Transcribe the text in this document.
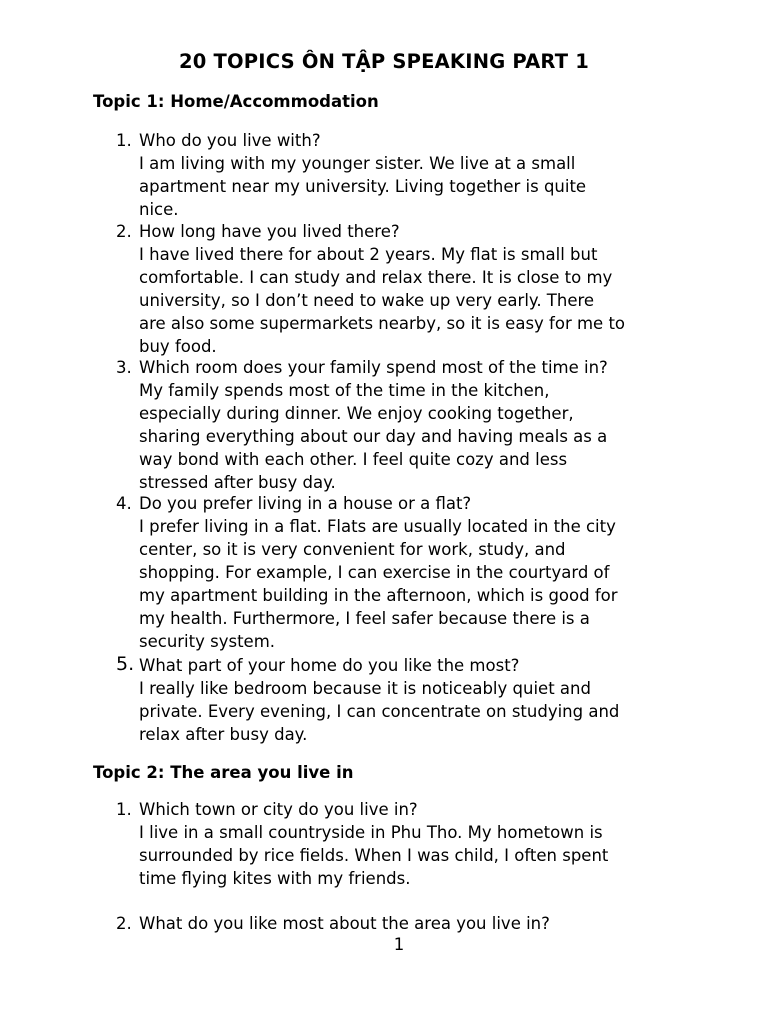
20 TOPICS ÔN TẬP SPEAKING PART 1
Topic 1: Home/Accommodation
1. Who do you live with?
I am living with my younger sister. We live at a small
apartment near my university. Living together is quite
nice.
2. How long have you lived there?
I have lived there for about 2 years. My flat is small but
comfortable. I can study and relax there. It is close to my
university, so I don’t need to wake up very early. There
are also some supermarkets nearby, so it is easy for me to
buy food.
3. Which room does your family spend most of the time in?
My family spends most of the time in the kitchen,
especially during dinner. We enjoy cooking together,
sharing everything about our day and having meals as a
way bond with each other. I feel quite cozy and less
stressed after busy day.
4. Do you prefer living in a house or a flat?
I prefer living in a flat. Flats are usually located in the city
center, so it is very convenient for work, study, and
shopping. For example, I can exercise in the courtyard of
my apartment building in the afternoon, which is good for
my health. Furthermore, I feel safer because there is a
security system.
5. What part of your home do you like the most?
I really like bedroom because it is noticeably quiet and
private. Every evening, I can concentrate on studying and
relax after busy day.
Topic 2: The area you live in
1. Which town or city do you live in?
I live in a small countryside in Phu Tho. My hometown is
surrounded by rice fields. When I was child, I often spent
time flying kites with my friends.
2. What do you like most about the area you live in?
1
